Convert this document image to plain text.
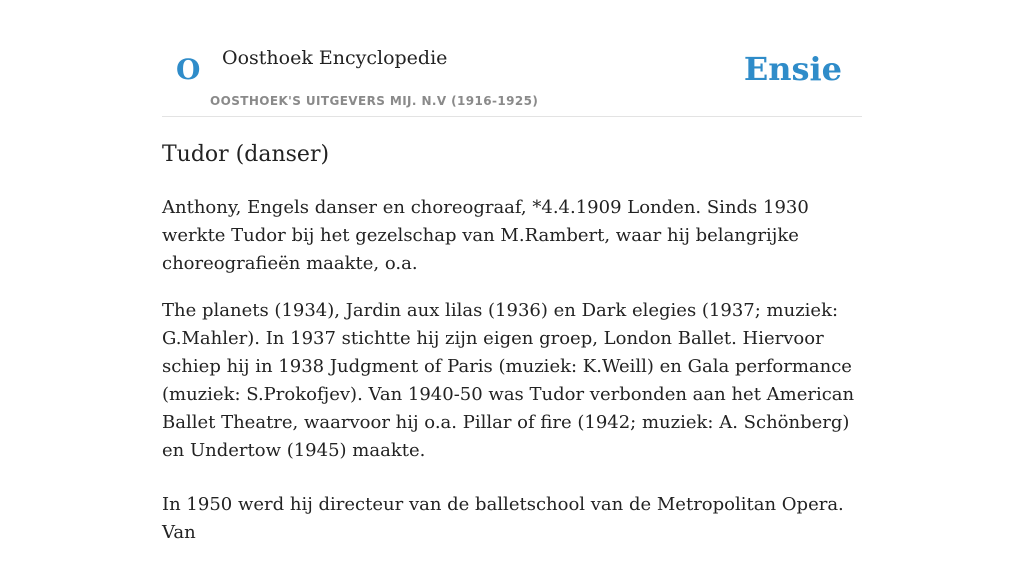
O Oosthoek Encyclopedie
OOSTHOEK'S UITGEVERS MIJ. N.V (1916-1925)
Ensie
Tudor (danser)

Anthony, Engels danser en choreograaf, *4.4.1909 Londen. Sinds 1930 werkte Tudor bij het gezelschap van M.Rambert, waar hij belangrijke choreografieën maakte, o.a.

The planets (1934), Jardin aux lilas (1936) en Dark elegies (1937; muziek: G.Mahler). In 1937 stichtte hij zijn eigen groep, London Ballet. Hiervoor schiep hij in 1938 Judgment of Paris (muziek: K.Weill) en Gala performance (muziek: S.Prokofjev). Van 1940-50 was Tudor verbonden aan het American Ballet Theatre, waarvoor hij o.a. Pillar of fire (1942; muziek: A. Schönberg) en Undertow (1945) maakte.

In 1950 werd hij directeur van de balletschool van de Metropolitan Opera. Van
